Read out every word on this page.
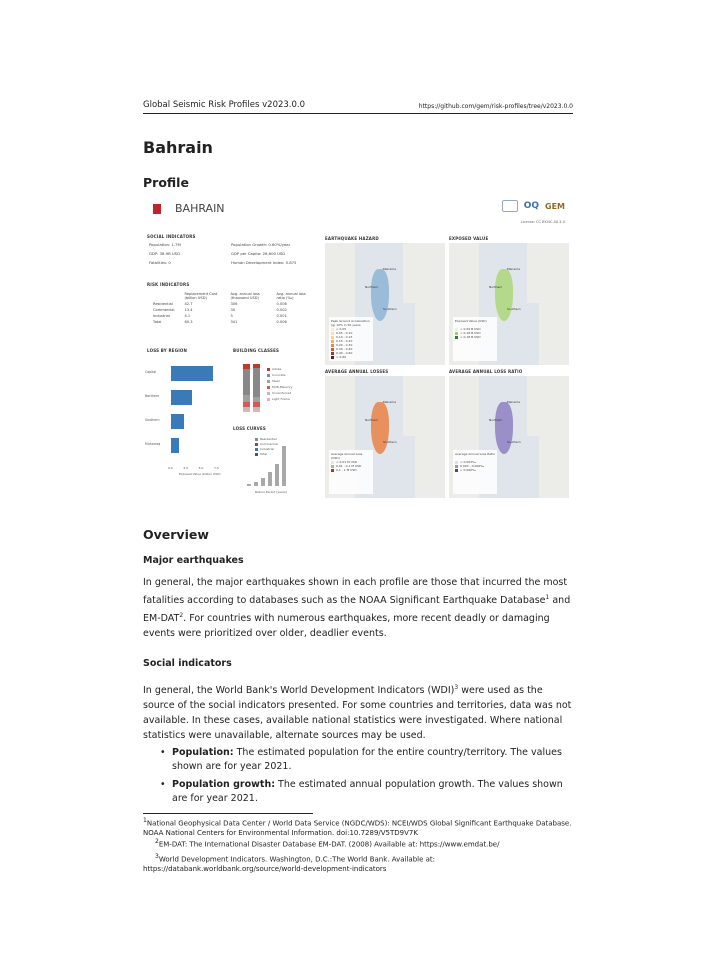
Global Seismic Risk Profiles v2023.0.0	https://github.com/gem/risk-profiles/tree/v2023.0.0
Bahrain
Profile
BAHRAIN	OQ GEM
License: CC BY-NC-SA 4.0
SOCIAL INDICATORS
Population: 1.7M	Population Growth: 0.60%/year
GDP: 38.9B USD	GDP per Capita: 26,600 USD
Fatalities: 0	Human Development Index: 0.875
RISK INDICATORS
	Replacement Cost (billion USD)	Avg. annual loss (thousand USD)	Avg. annual loss ratio (‰)
Residential	42.7	306	0.006
Commercial	13.4	30	0.002
Industrial	4.1	5	0.001
Total	60.3	341	0.006
LOSS BY REGION
Capital
Northern
Southern
Muharraq
0.0	2.5	5.0	7.5
Exposed Value (billion USD)
BUILDING CLASSES
Adobe
Concrete
Steel
MUR-Masonry
Unreinforced
Light Frame
LOSS CURVES
Residential
Commercial
Industrial
Total
Return Period (years)
EARTHQUAKE HAZARD	EXPOSED VALUE
AVERAGE ANNUAL LOSSES	AVERAGE ANNUAL LOSS RATIO
Peak Ground Acceleration (g) 10% in 50 years
< 0.05
0.05 - 0.10
0.10 - 0.15
0.15 - 0.20
0.20 - 0.30
0.30 - 0.40
0.40 - 0.60
> 0.60
Manama
Northern
Southern
Exposed Value (USD)
< 0.09 B USD
< 0.18 B USD
> 0.18 B USD
Manama
Northern
Southern
Average Annual Loss (USD)
< 0.01 M USD
0.01 - 0.1 M USD
0.1 - 1 M USD
Manama
Northern
Southern
Average Annual Loss Ratio
< 0.003‰
0.003 - 0.006‰
> 0.006‰
Manama
Northern
Southern
Overview
Major earthquakes

In general, the major earthquakes shown in each profile are those that incurred the most fatalities according to databases such as the NOAA Significant Earthquake Database$^1$ and EM-DAT$^2$. For countries with numerous earthquakes, more recent deadly or damaging events were prioritized over older, deadlier events.

Social indicators

In general, the World Bank's World Development Indicators (WDI)$^3$ were used as the source of the social indicators presented. For some countries and territories, data was not available. In these cases, available national statistics were investigated. Where national statistics were unavailable, alternate sources may be used.

• Population: The estimated population for the entire country/territory. The values shown are for year 2021.
• Population growth: The estimated annual population growth. The values shown are for year 2021.

$^1$National Geophysical Data Center / World Data Service (NGDC/WDS): NCEI/WDS Global Significant Earthquake Database. NOAA National Centers for Environmental Information. doi:10.7289/V5TD9V7K

$^2$EM-DAT: The International Disaster Database EM-DAT. (2008) Available at: https://www.emdat.be/

$^3$World Development Indicators. Washington, D.C.:The World Bank. Available at: https://databank.worldbank.org/source/world-development-indicators
